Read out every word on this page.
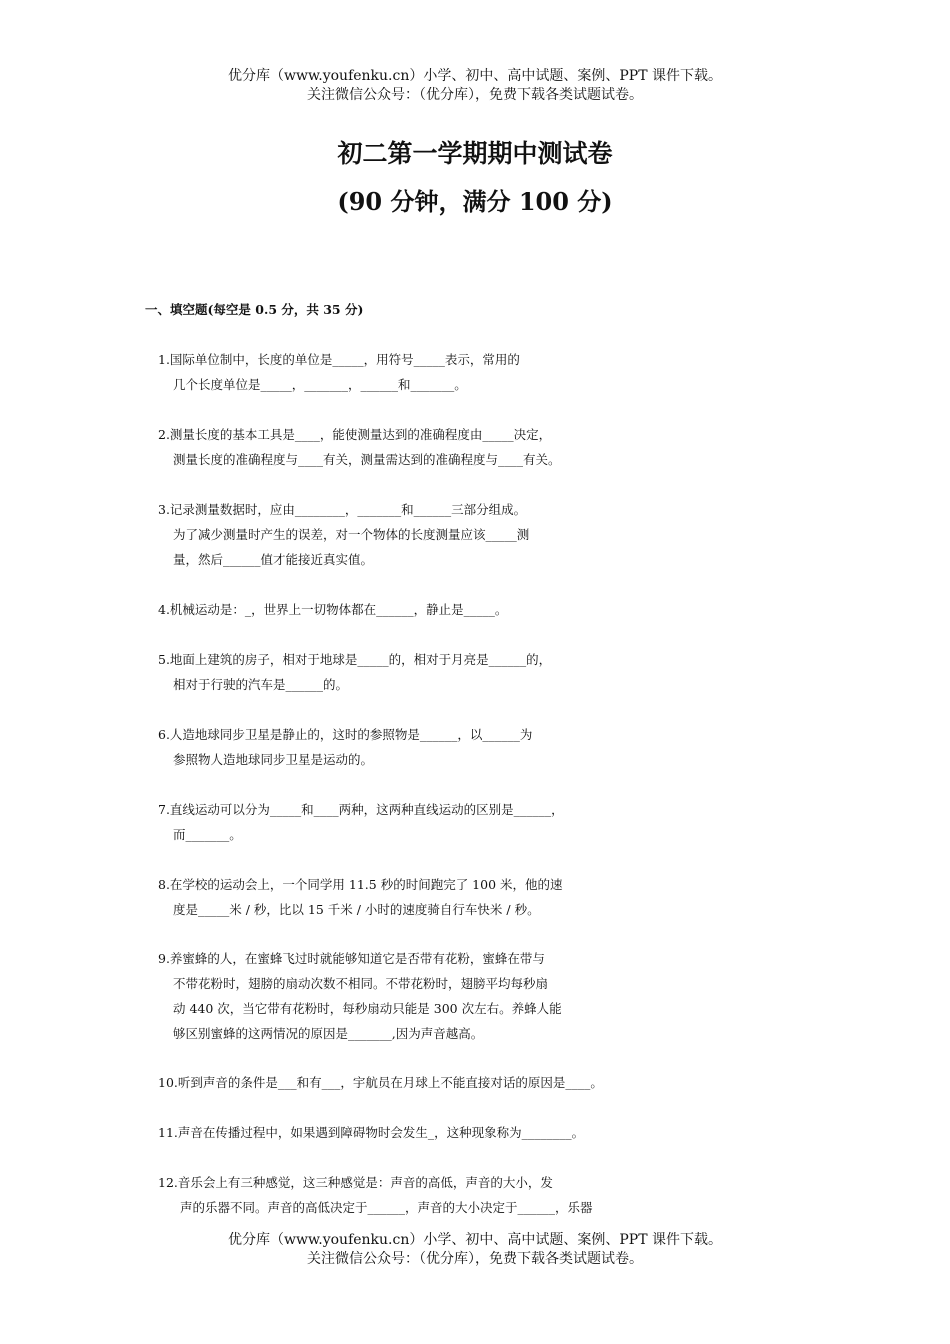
优分库（www.youfenku.cn）小学、初中、高中试题、案例、PPT 课件下载。
关注微信公众号：（优分库），免费下载各类试题试卷。
初二第一学期期中测试卷
(90 分钟，满分 100 分)
一、填空题(每空是 0.5 分，共 35 分)
1.国际单位制中，长度的单位是_____，用符号_____表示，常用的
几个长度单位是_____，_______，______和_______。
2.测量长度的基本工具是____，能使测量达到的准确程度由_____决定，
测量长度的准确程度与____有关，测量需达到的准确程度与____有关。
3.记录测量数据时，应由________，_______和______三部分组成。
为了减少测量时产生的误差，对一个物体的长度测量应该_____测
量，然后______值才能接近真实值。
4.机械运动是：_，世界上一切物体都在______，静止是_____。
5.地面上建筑的房子，相对于地球是_____的，相对于月亮是______的，
相对于行驶的汽车是______的。
6.人造地球同步卫星是静止的，这时的参照物是______，以______为
参照物人造地球同步卫星是运动的。
7.直线运动可以分为_____和____两种，这两种直线运动的区别是______，
而_______。
8.在学校的运动会上，一个同学用 11.5 秒的时间跑完了 100 米，他的速
度是_____米 / 秒，比以 15 千米 / 小时的速度骑自行车快米 / 秒。
9.养蜜蜂的人，在蜜蜂飞过时就能够知道它是否带有花粉，蜜蜂在带与
不带花粉时，翅膀的扇动次数不相同。不带花粉时，翅膀平均每秒扇
动 440 次，当它带有花粉时，每秒扇动只能是 300 次左右。养蜂人能
够区别蜜蜂的这两情况的原因是_______,因为声音越高。
10.听到声音的条件是___和有___，宇航员在月球上不能直接对话的原因是____。
11.声音在传播过程中，如果遇到障碍物时会发生_，这种现象称为________。
12.音乐会上有三种感觉，这三种感觉是：声音的高低，声音的大小，发
声的乐器不同。声音的高低决定于______，声音的大小决定于______，乐器
优分库（www.youfenku.cn）小学、初中、高中试题、案例、PPT 课件下载。
关注微信公众号：（优分库），免费下载各类试题试卷。
